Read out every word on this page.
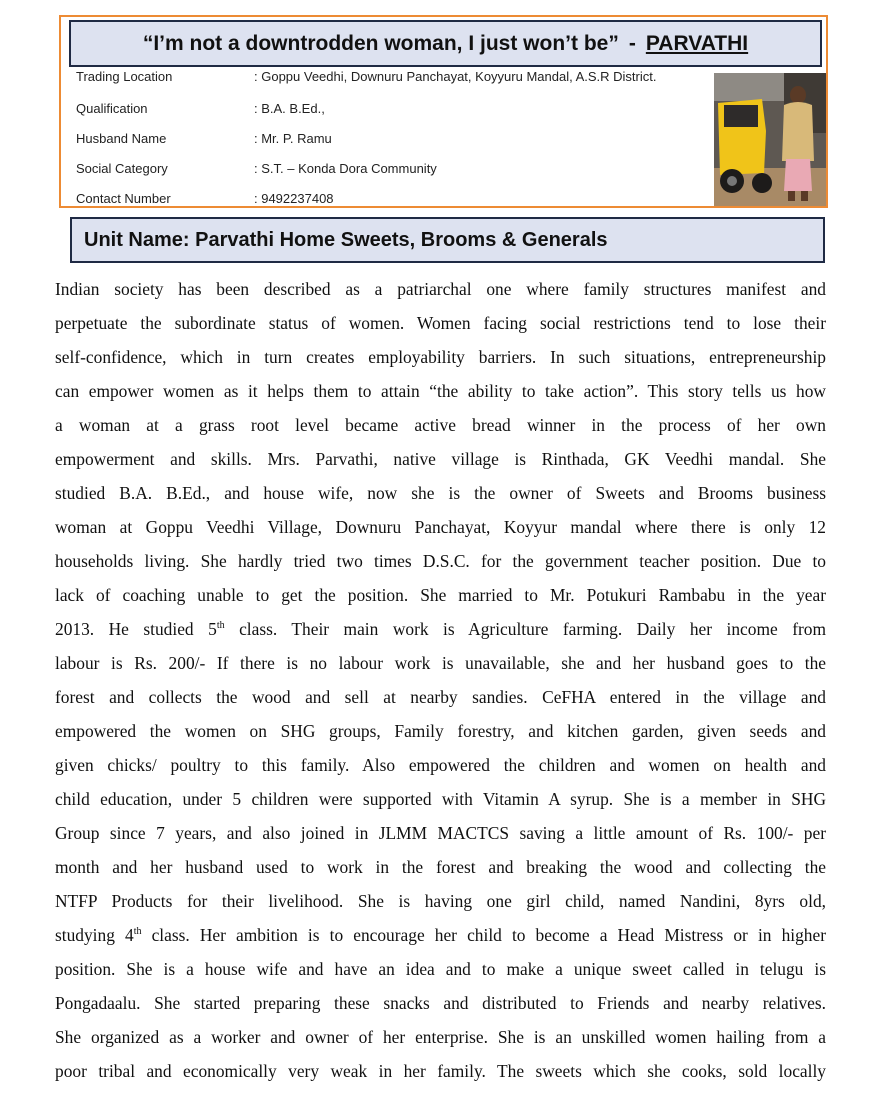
“I’m not a downtrodden woman, I just won’t be” - PARVATHI
Trading Location	: Goppu Veedhi, Downuru Panchayat, Koyyuru Mandal, A.S.R District.
Qualification	: B.A. B.Ed.,
Husband Name	: Mr. P. Ramu
Social Category	: S.T. – Konda Dora Community
Contact Number	: 9492237408
Unit Name: Parvathi Home Sweets, Brooms & Generals
Indian society has been described as a patriarchal one where family structures manifest and
perpetuate the subordinate status of women. Women facing social restrictions tend to lose their
self-confidence, which in turn creates employability barriers. In such situations, entrepreneurship
can empower women as it helps them to attain “the ability to take action”. This story tells us how
a woman at a grass root level became active bread winner in the process of her own
empowerment and skills. Mrs. Parvathi, native village is Rinthada, GK Veedhi mandal. She
studied B.A. B.Ed., and house wife, now she is the owner of Sweets and Brooms business
woman at Goppu Veedhi Village, Downuru Panchayat, Koyyur mandal where there is only 12
households living. She hardly tried two times D.S.C. for the government teacher position. Due to
lack of coaching unable to get the position. She married to Mr. Potukuri Rambabu in the year
2013. He studied 5th class. Their main work is Agriculture farming. Daily her income from
labour is Rs. 200/- If there is no labour work is unavailable, she and her husband goes to the
forest and collects the wood and sell at nearby sandies. CeFHA entered in the village and
empowered the women on SHG groups, Family forestry, and kitchen garden, given seeds and
given chicks/ poultry to this family. Also empowered the children and women on health and
child education, under 5 children were supported with Vitamin A syrup. She is a member in SHG
Group since 7 years, and also joined in JLMM MACTCS saving a little amount of Rs. 100/- per
month and her husband used to work in the forest and breaking the wood and collecting the
NTFP Products for their livelihood. She is having one girl child, named Nandini, 8yrs old,
studying 4th class. Her ambition is to encourage her child to become a Head Mistress or in higher
position. She is a house wife and have an idea and to make a unique sweet called in telugu is
Pongadaalu. She started preparing these snacks and distributed to Friends and nearby relatives.
She organized as a worker and owner of her enterprise. She is an unskilled women hailing from a
poor tribal and economically very weak in her family. The sweets which she cooks, sold locally
